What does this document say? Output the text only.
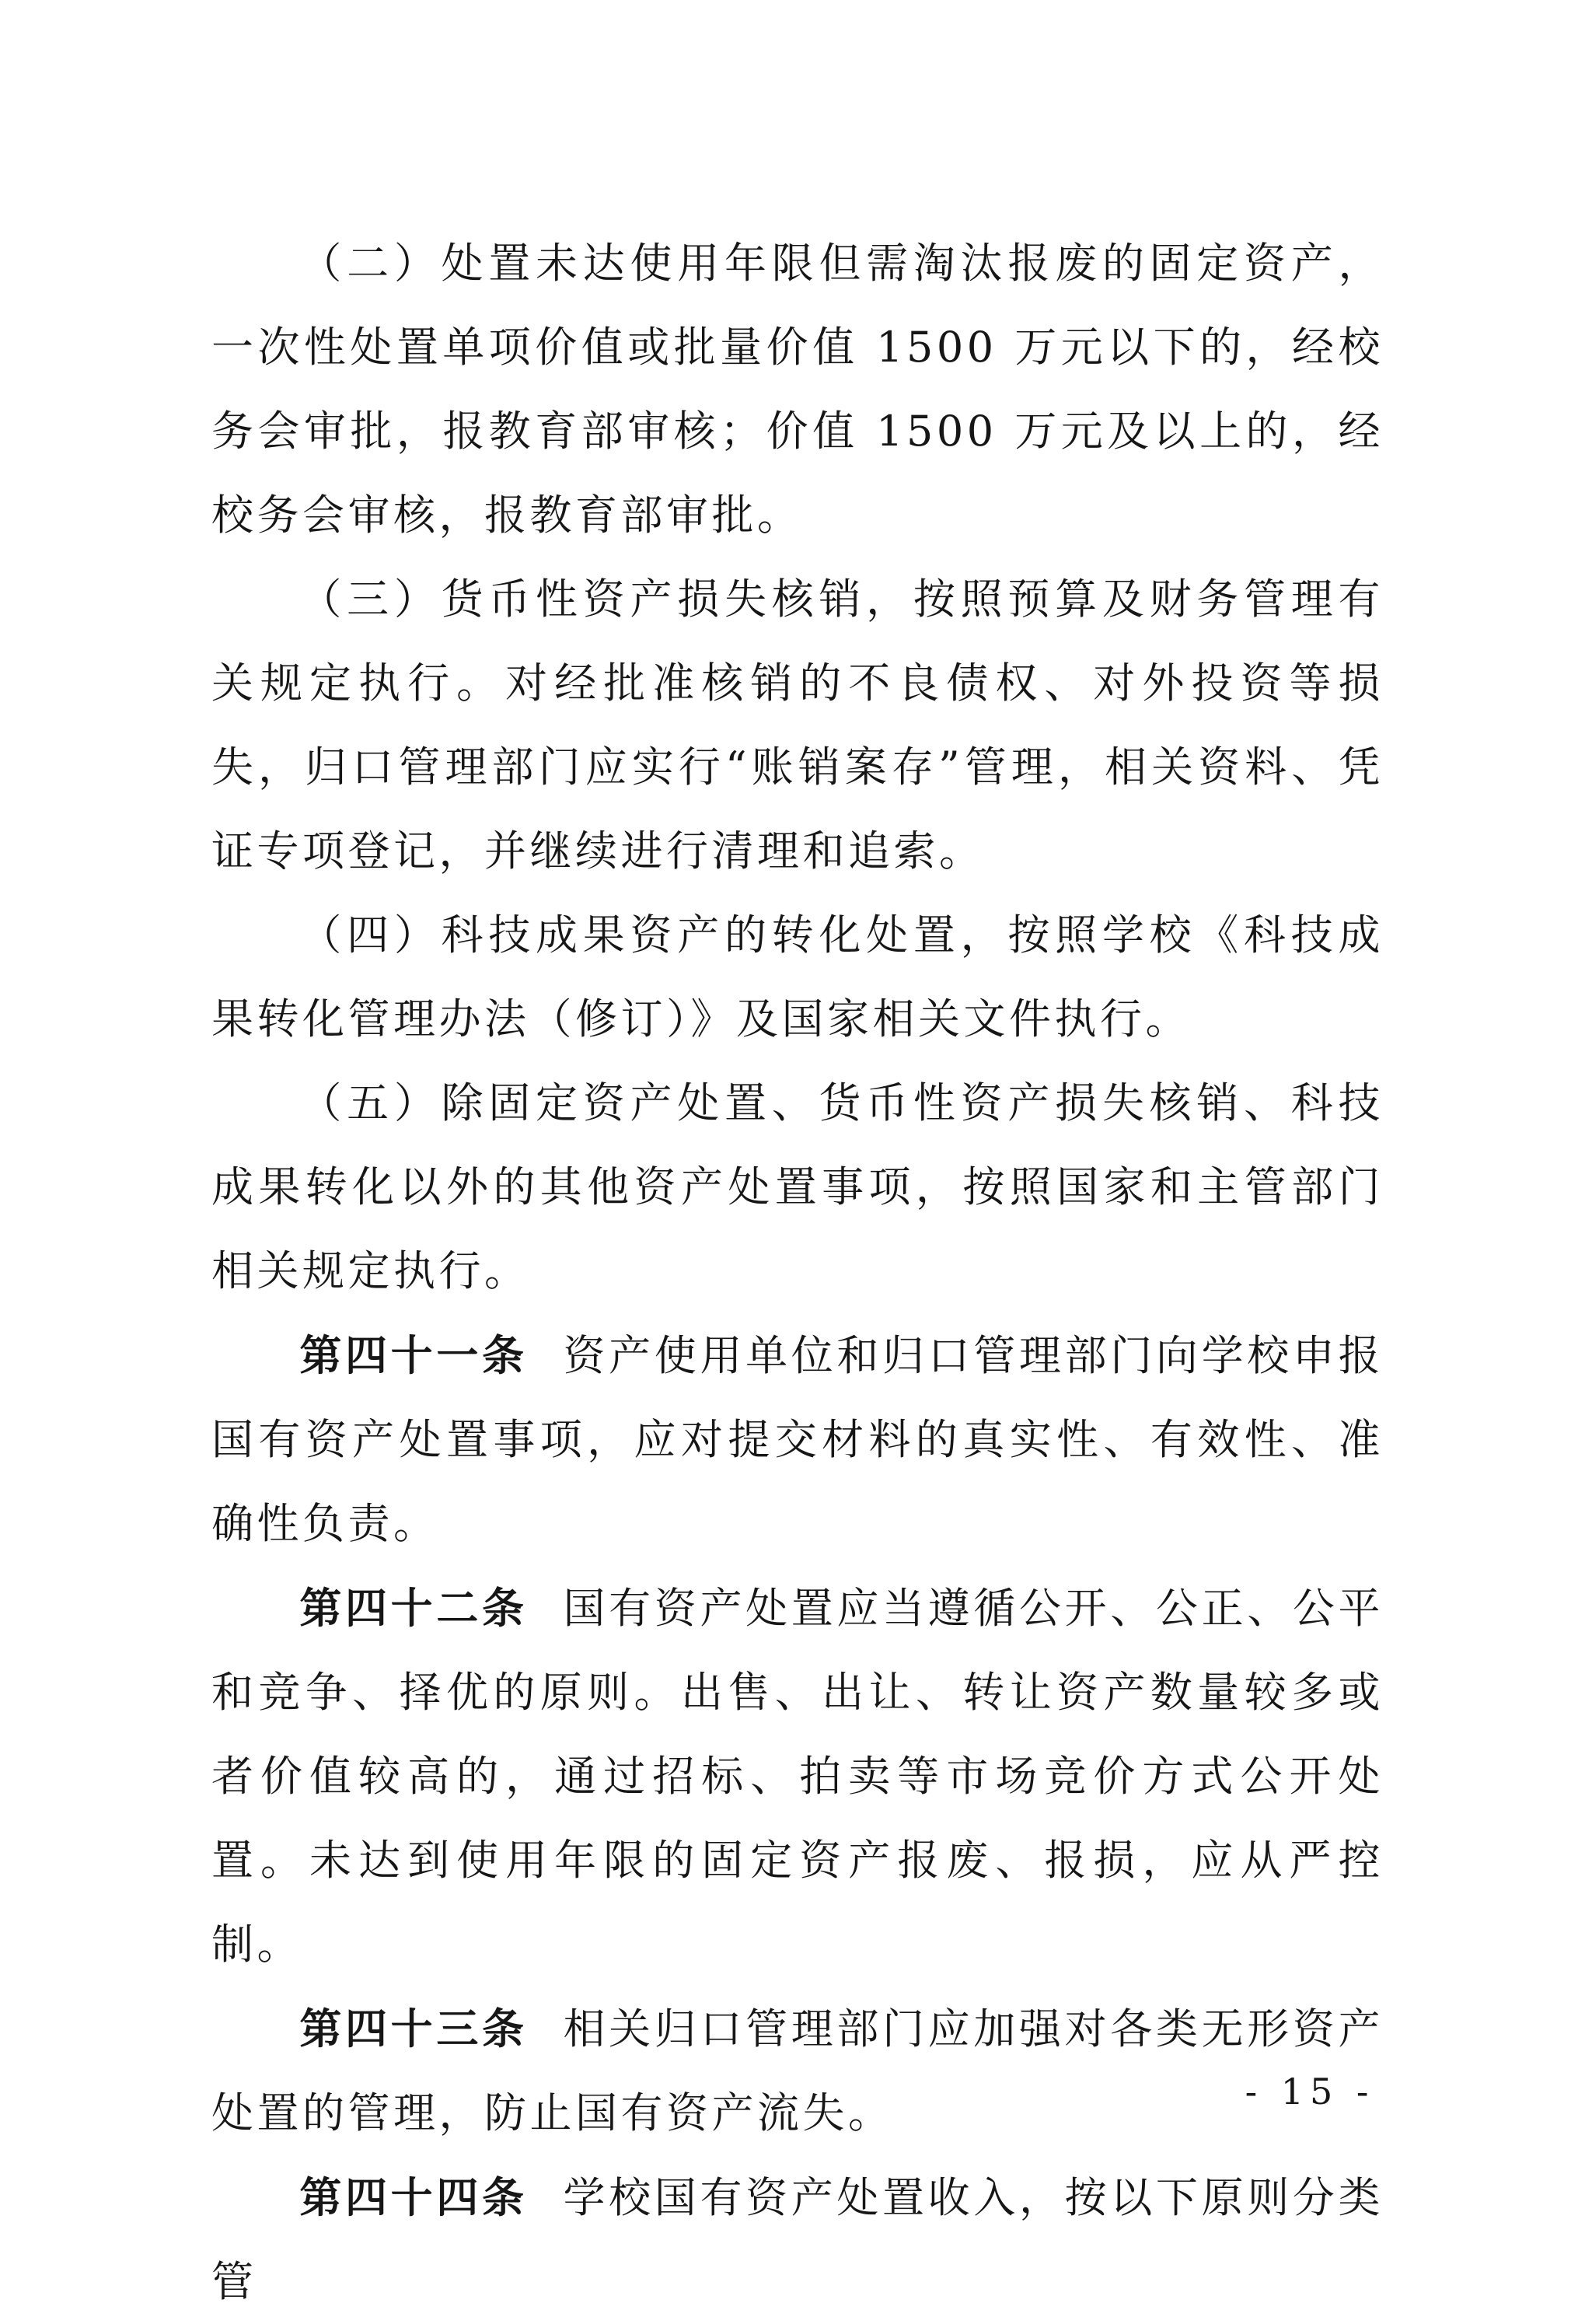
（二）处置未达使用年限但需淘汰报废的固定资产，一次性处置单项价值或批量价值 1500 万元以下的，经校务会审批，报教育部审核；价值 1500 万元及以上的，经校务会审核，报教育部审批。

（三）货币性资产损失核销，按照预算及财务管理有关规定执行。对经批准核销的不良债权、对外投资等损失，归口管理部门应实行“账销案存”管理，相关资料、凭证专项登记，并继续进行清理和追索。

（四）科技成果资产的转化处置，按照学校《科技成果转化管理办法（修订）》及国家相关文件执行。

（五）除固定资产处置、货币性资产损失核销、科技成果转化以外的其他资产处置事项，按照国家和主管部门相关规定执行。

第四十一条 资产使用单位和归口管理部门向学校申报国有资产处置事项，应对提交材料的真实性、有效性、准确性负责。

第四十二条 国有资产处置应当遵循公开、公正、公平和竞争、择优的原则。出售、出让、转让资产数量较多或者价值较高的，通过招标、拍卖等市场竞价方式公开处置。未达到使用年限的固定资产报废、报损，应从严控制。

第四十三条 相关归口管理部门应加强对各类无形资产处置的管理，防止国有资产流失。

第四十四条 学校国有资产处置收入，按以下原则分类管

- 15 -
